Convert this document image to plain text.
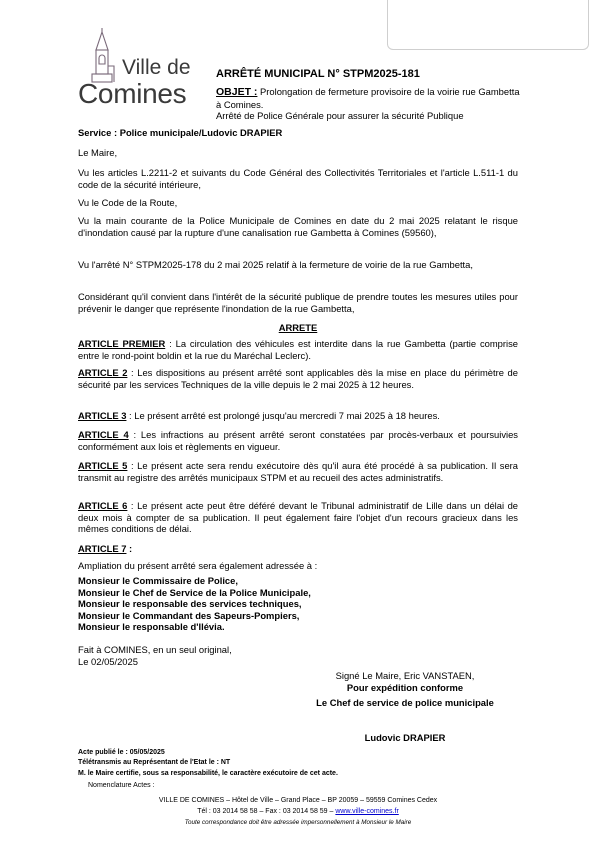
Ville de
Comines
ARRÊTÉ MUNICIPAL N° STPM2025-181
OBJET : Prolongation de fermeture provisoire de la voirie rue Gambetta à Comines.
Arrêté de Police Générale pour assurer la sécurité Publique
Service : Police municipale/Ludovic DRAPIER
Le Maire,
Vu les articles L.2211-2 et suivants du Code Général des Collectivités Territoriales et l'article L.511-1 du code de la sécurité intérieure,
Vu le Code de la Route,
Vu la main courante de la Police Municipale de Comines en date du 2 mai 2025 relatant le risque d'inondation causé par la rupture d'une canalisation rue Gambetta à Comines (59560),
Vu l'arrêté N° STPM2025-178 du 2 mai 2025 relatif à la fermeture de voirie de la rue Gambetta,
Considérant qu'il convient dans l'intérêt de la sécurité publique de prendre toutes les mesures utiles pour prévenir le danger que représente l'inondation de la rue Gambetta,
ARRETE
ARTICLE PREMIER : La circulation des véhicules est interdite dans la rue Gambetta (partie comprise entre le rond-point boldin et la rue du Maréchal Leclerc).
ARTICLE 2 : Les dispositions au présent arrêté sont applicables dès la mise en place du périmètre de sécurité par les services Techniques de la ville depuis le 2 mai 2025 à 12 heures.
ARTICLE 3 : Le présent arrêté est prolongé jusqu'au mercredi 7 mai 2025 à 18 heures.
ARTICLE 4 : Les infractions au présent arrêté seront constatées par procès-verbaux et poursuivies conformément aux lois et règlements en vigueur.
ARTICLE 5 : Le présent acte sera rendu exécutoire dès qu'il aura été procédé à sa publication. Il sera transmit au registre des arrêtés municipaux STPM et au recueil des actes administratifs.
ARTICLE 6 : Le présent acte peut être déféré devant le Tribunal administratif de Lille dans un délai de deux mois à compter de sa publication. Il peut également faire l'objet d'un recours gracieux dans les mêmes conditions de délai.
ARTICLE 7 :
Ampliation du présent arrêté sera également adressée à :
Monsieur le Commissaire de Police,
Monsieur le Chef de Service de la Police Municipale,
Monsieur le responsable des services techniques,
Monsieur le Commandant des Sapeurs-Pompiers,
Monsieur le responsable d'Ilévia.
Fait à COMINES, en un seul original,
Le 02/05/2025
Signé Le Maire, Eric VANSTAEN,
Pour expédition conforme
Le Chef de service de police municipale
Ludovic DRAPIER
Acte publié le : 05/05/2025
Télétransmis au Représentant de l'Etat le : NT
M. le Maire certifie, sous sa responsabilité, le caractère exécutoire de cet acte.
Nomenclature Actes :
VILLE DE COMINES – Hôtel de Ville – Grand Place – BP 20059 – 59559 Comines Cedex
Tél : 03 2014 58 58 – Fax : 03 2014 58 59 – www.ville-comines.fr
Toute correspondance doit être adressée impersonnellement à Monsieur le Maire
